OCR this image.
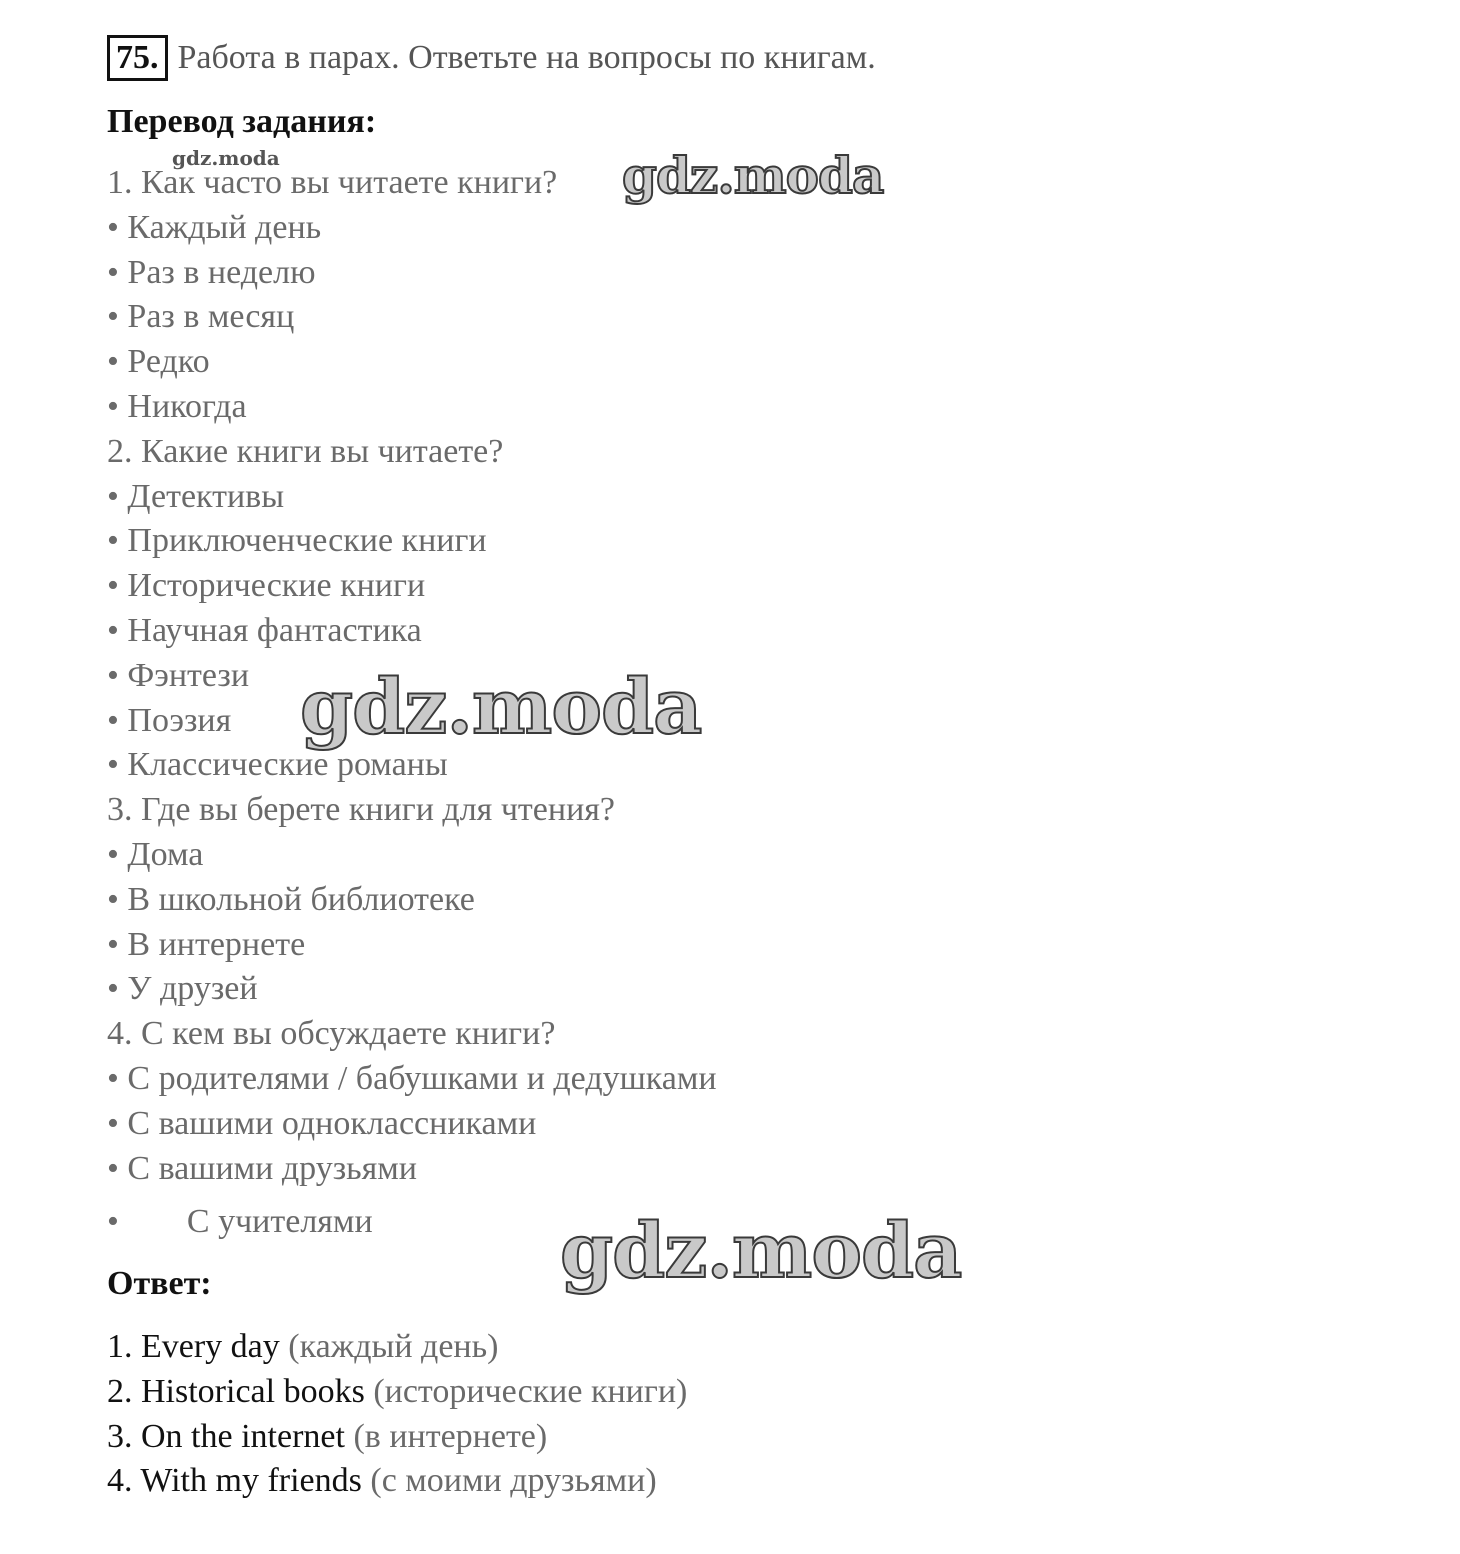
75. Работа в парах. Ответьте на вопросы по книгам.
Перевод задания:
1. Как часто вы читаете книги?
• Каждый день
• Раз в неделю
• Раз в месяц
• Редко
• Никогда
2. Какие книги вы читаете?
• Детективы
• Приключенческие книги
• Исторические книги
• Научная фантастика
• Фэнтези
• Поэзия
• Классические романы
3. Где вы берете книги для чтения?
• Дома
• В школьной библиотеке
• В интернете
• У друзей
4. С кем вы обсуждаете книги?
• С родителями / бабушками и дедушками
• С вашими одноклассниками
• С вашими друзьями
• С учителями
Ответ:
1. Every day (каждый день)
2. Historical books (исторические книги)
3. On the internet (в интернете)
4. With my friends (с моими друзьями)
gdz.moda	gdz.moda
gdz.moda
gdz.moda
